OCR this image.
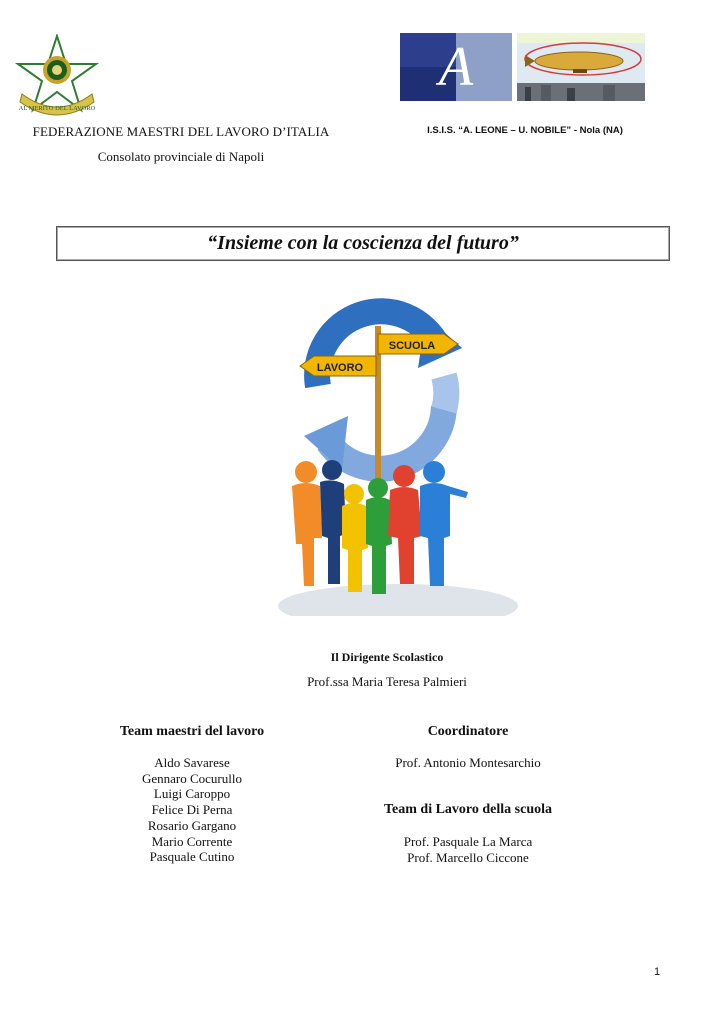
AL MERITO DEL LAVORO
A
FEDERAZIONE MAESTRI DEL LAVORO D’ITALIA
Consolato provinciale di Napoli
I.S.I.S. “A. LEONE – U. NOBILE” - Nola (NA)
“Insieme con la coscienza del futuro”
SCUOLA
LAVORO
Il Dirigente Scolastico
Prof.ssa Maria Teresa Palmieri
Team maestri del lavoro
Aldo Savarese
Gennaro Cocurullo
Luigi Caroppo
Felice Di Perna
Rosario Gargano
Mario Corrente
Pasquale Cutino
Coordinatore
Prof. Antonio Montesarchio
Team di Lavoro della scuola
Prof. Pasquale La Marca
Prof. Marcello Ciccone
1
